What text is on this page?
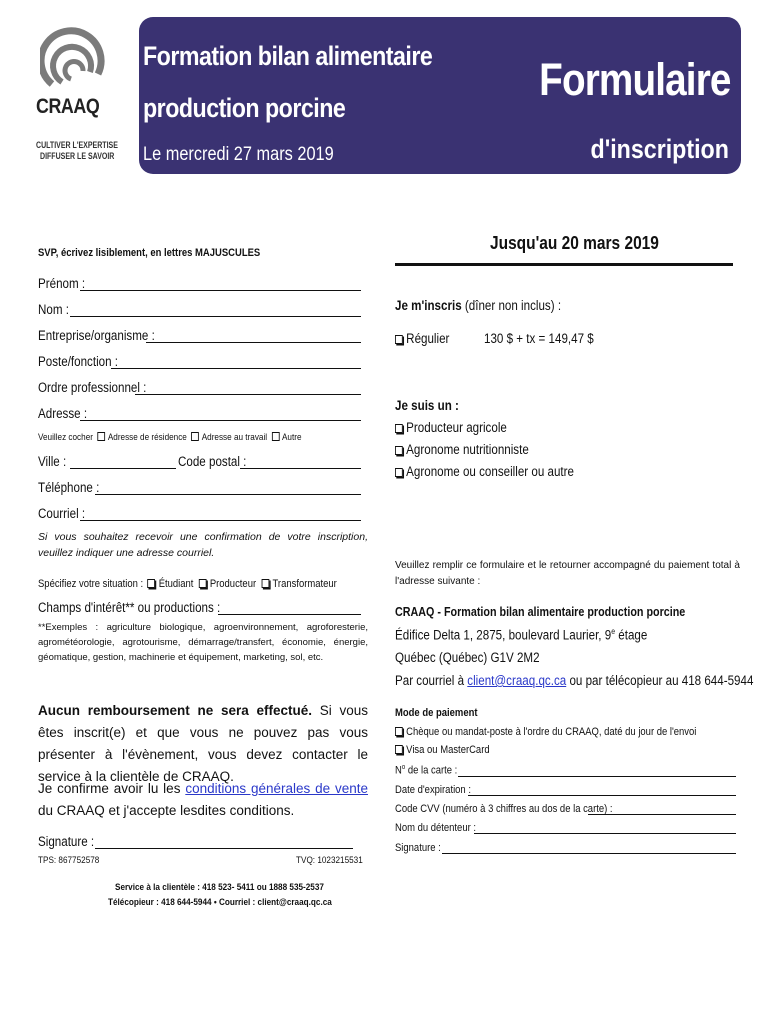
CRAAQ
CULTIVER L'EXPERTISE
DIFFUSER LE SAVOIR
Formation bilan alimentaire
production porcine
Le mercredi 27 mars 2019
Formulaire
d'inscription
Jusqu'au 20 mars 2019
SVP, écrivez lisiblement, en lettres MAJUSCULES
Prénom :
Nom :
Entreprise/organisme :
Poste/fonction :
Ordre professionnel :
Adresse :
Veuillez cocher Adresse de résidence Adresse au travail Autre
Ville :	Code postal :
Téléphone :
Courriel :
Si vous souhaitez recevoir une confirmation de votre inscription, veuillez indiquer une adresse courriel.
Spécifiez votre situation : Étudiant Producteur Transformateur
Champs d'intérêt** ou productions :
**Exemples : agriculture biologique, agroenvironnement, agroforesterie, agrométéorologie, agrotourisme, démarrage/transfert, économie, énergie, géomatique, gestion, machinerie et équipement, marketing, sol, etc.
Aucun remboursement ne sera effectué. Si vous êtes inscrit(e) et que vous ne pouvez pas vous présenter à l'évènement, vous devez contacter le service à la clientèle de CRAAQ.
Je confirme avoir lu les conditions générales de vente du CRAAQ et j'accepte lesdites conditions.
Signature :
TPS: 867752578	TVQ: 1023215531
Service à la clientèle : 418 523- 5411 ou 1888 535-2537
Télécopieur : 418 644-5944 • Courriel : client@craaq.qc.ca
Je m'inscris (dîner non inclus) :
Régulier	130 $ + tx = 149,47 $
Je suis un :
Producteur agricole
Agronome nutritionniste
Agronome ou conseiller ou autre
Veuillez remplir ce formulaire et le retourner accompagné du paiement total à l'adresse suivante :
CRAAQ - Formation bilan alimentaire production porcine
Édifice Delta 1, 2875, boulevard Laurier, 9e étage
Québec (Québec) G1V 2M2
Par courriel à client@craaq.qc.ca ou par télécopieur au 418 644-5944
Mode de paiement
Chèque ou mandat-poste à l'ordre du CRAAQ, daté du jour de l'envoi
Visa ou MasterCard
$N^o$ de la carte :
Date d'expiration :
Code CVV (numéro à 3 chiffres au dos de la carte) :
Nom du détenteur :
Signature :
